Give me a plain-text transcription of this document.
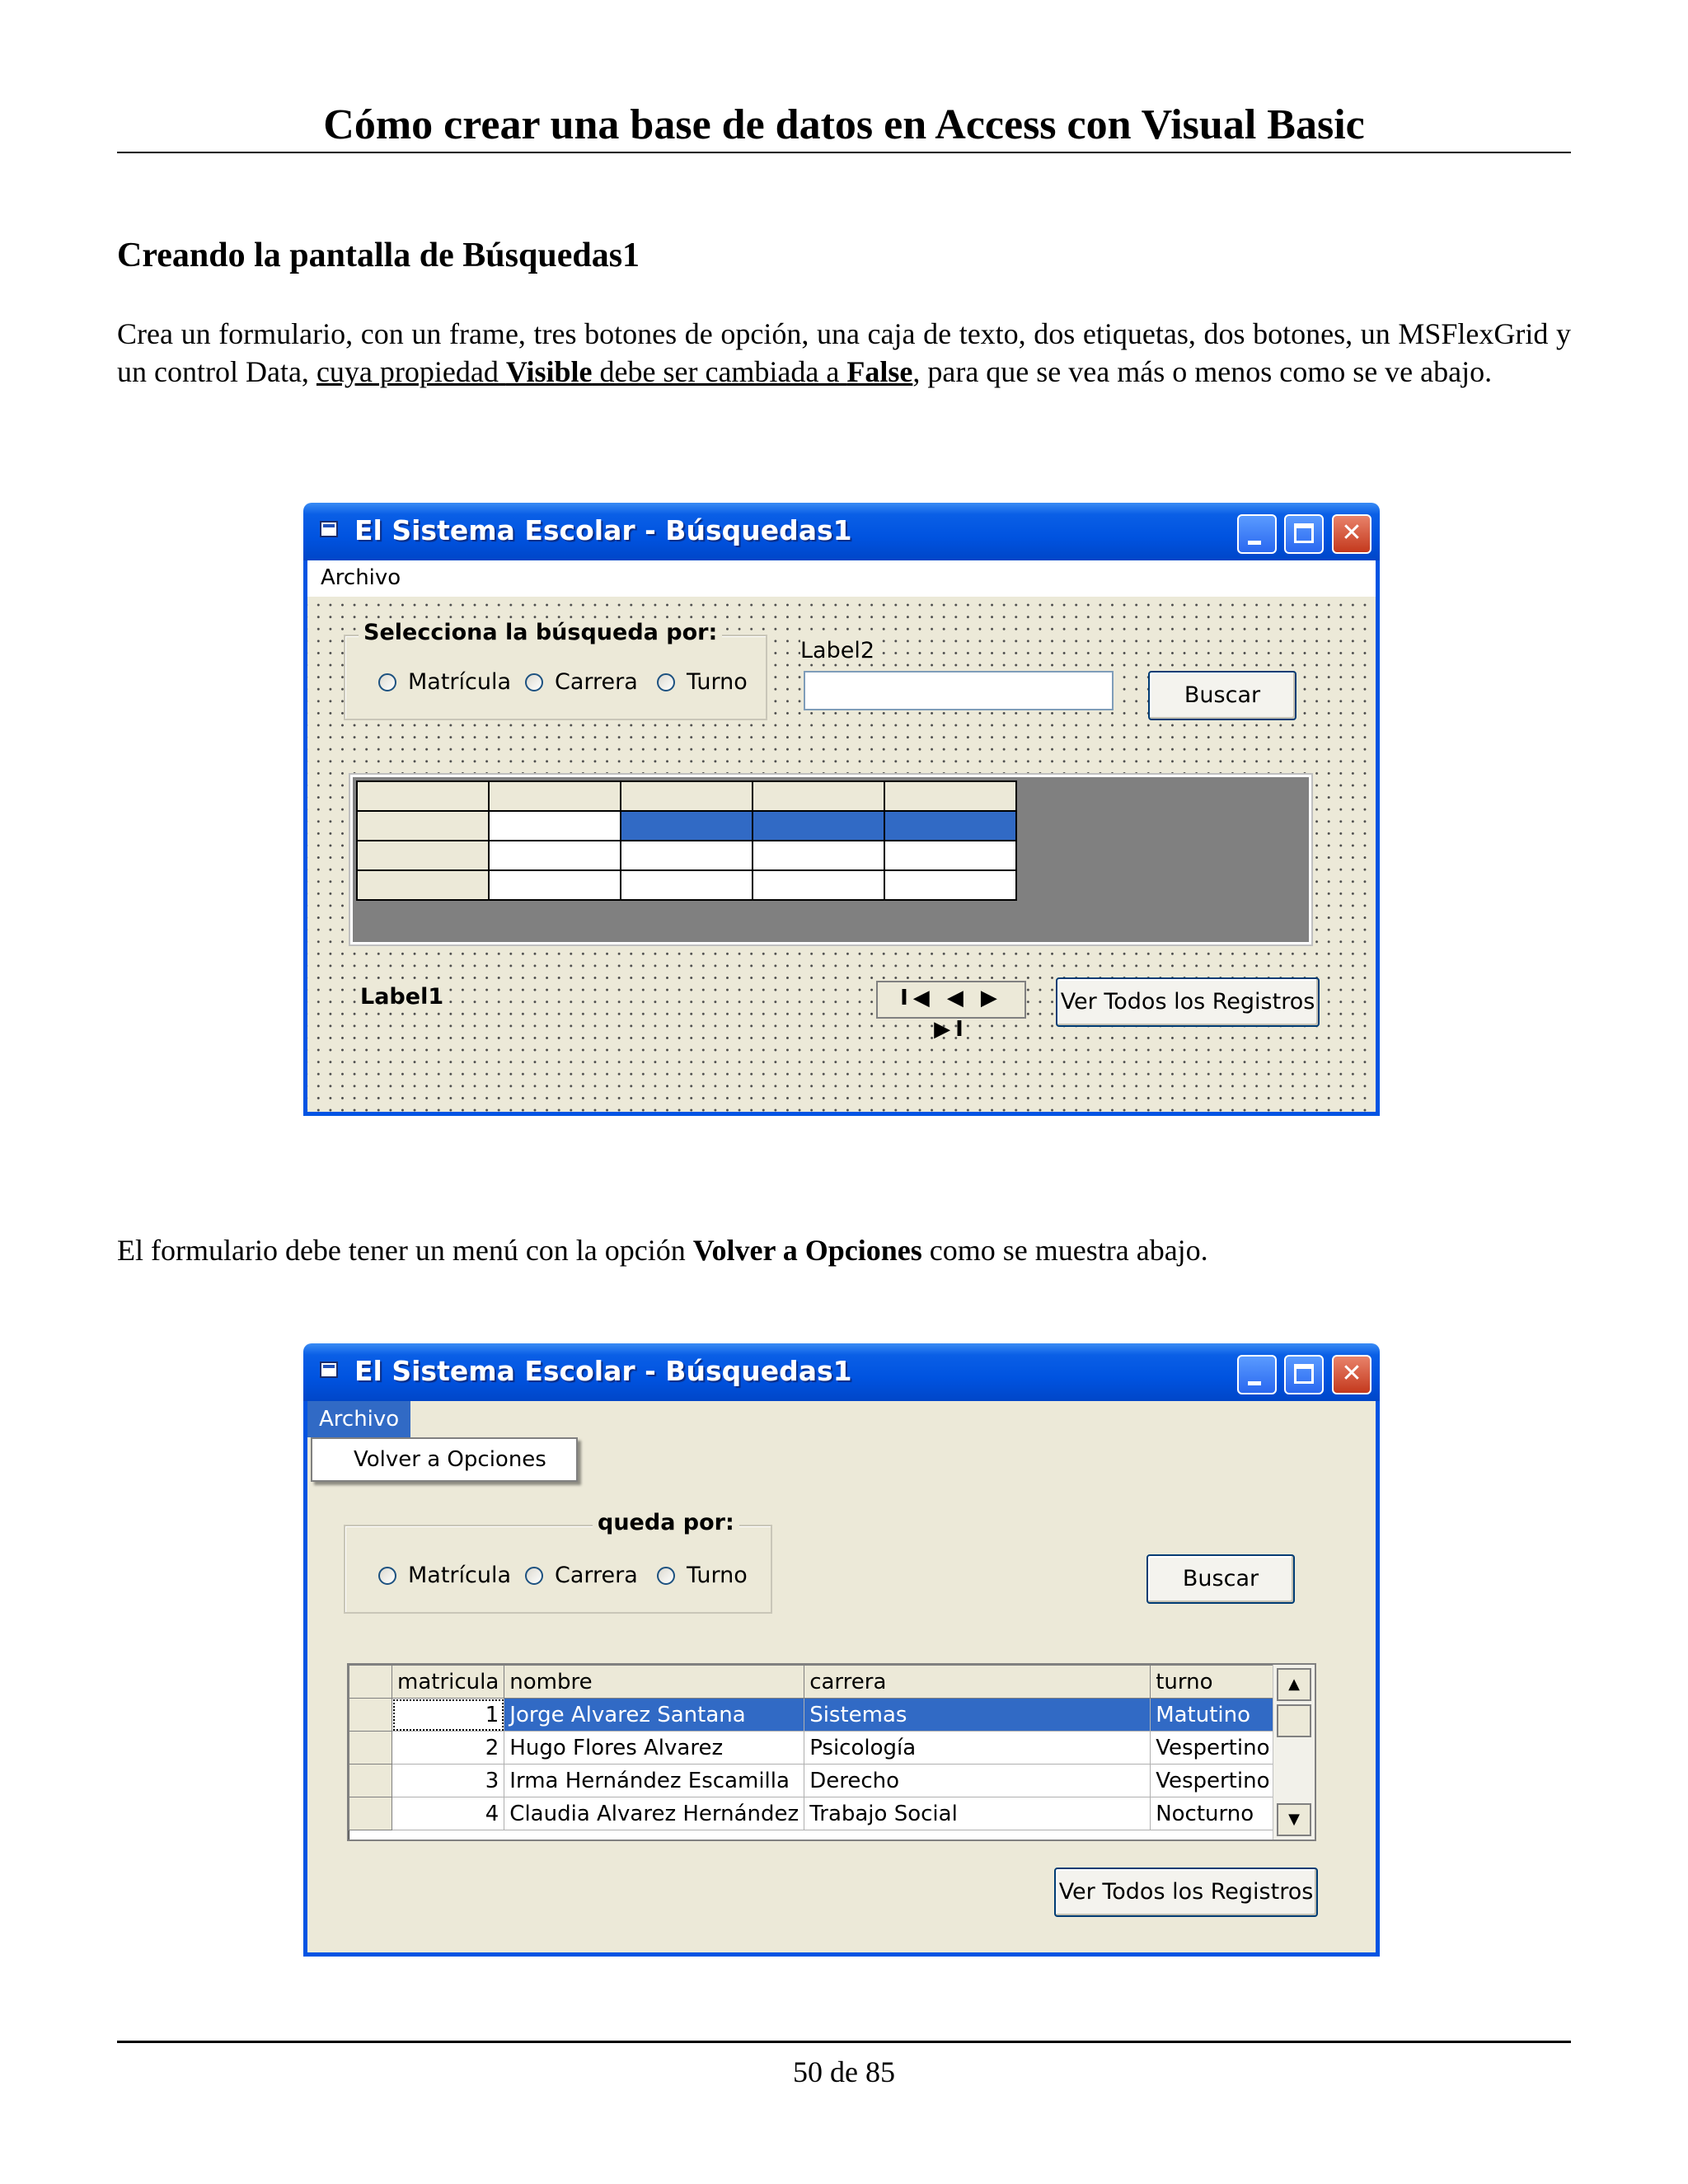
Cómo crear una base de datos en Access con Visual Basic
Creando la pantalla de Búsquedas1
Crea un formulario, con un frame, tres botones de opción, una caja de texto, dos etiquetas, dos botones, un MSFlexGrid y un control Data, cuya propiedad Visible debe ser cambiada a False, para que se vea más o menos como se ve abajo.
El Sistema Escolar - Búsquedas1	✕
Archivo
Selecciona la búsqueda por:
Matrícula	Carrera	Turno
Label2
Buscar

Label1	I◀ ◀ ▶ ▶I
Ver Todos los Registros
El formulario debe tener un menú con la opción Volver a Opciones como se muestra abajo.
El Sistema Escolar - Búsquedas1	✕
Archivo
queda por:
Matrícula	Carrera	Turno
Volver a Opciones
Buscar
	matricula	nombre	carrera	turno
	1	Jorge Alvarez Santana	Sistemas	Matutino
	2	Hugo Flores Alvarez	Psicología	Vespertino
	3	Irma Hernández Escamilla	Derecho	Vespertino
	4	Claudia Alvarez Hernández	Trabajo Social	Nocturno
▲
▼
Ver Todos los Registros
50 de 85
